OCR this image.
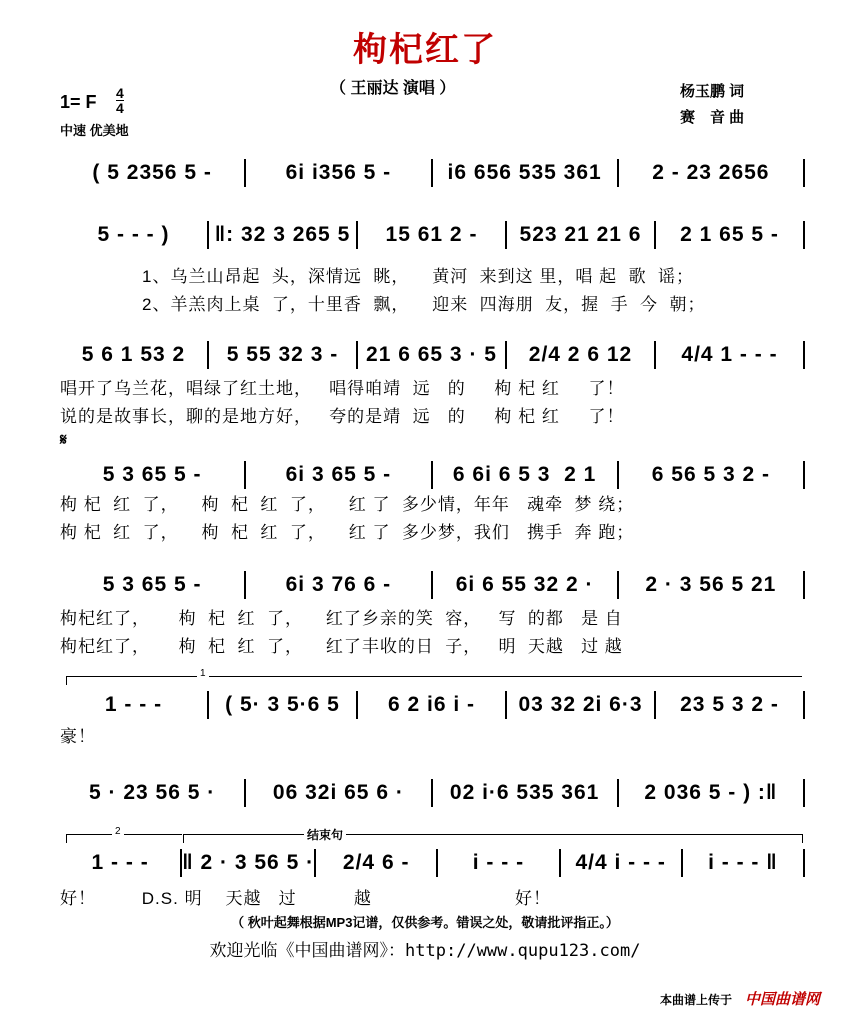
枸杞红了
（ 王丽达 演唱 ）
1= F 4
4
中速 优美地
杨玉鹏 词
赛　音 曲
( 5 2356 5 -	6i i356 5 -	i6 656 535 361	2 - 23 2656
5 - - - )	‖: 32 3 265 5	15 61 2 -	523 21 21 6	2 1 65 5 -
1、乌兰山昂起  头，深情远  眺，    黄河  来到这 里，唱 起  歌  谣；
2、羊羔肉上桌  了，十里香  飘，    迎来  四海朋  友，握  手  今  朝；
5 6 1 53 2	5 55 32 3 -	21 6 65 3 · 5	2/4 2 6 12	4/4 1 - - -
唱开了乌兰花，唱绿了红土地，   唱得咱靖  远   的     枸 杞 红     了！
说的是故事长，聊的是地方好，   夸的是靖  远   的     枸 杞 红     了！
𝄋
5 3 65 5 -	6i 3 65 5 -	6 6i 6 5 3  2 1	6 56 5 3 2 -
枸 杞  红  了，    枸  杞  红  了，    红 了  多少情，年年   魂牵  梦 绕；
枸 杞  红  了，    枸  杞  红  了，    红 了  多少梦，我们   携手  奔 跑；
5 3 65 5 -	6i 3 76 6 -	6i 6 55 32 2 ·	2 · 3 56 5 21
枸杞红了，     枸  杞  红  了，    红了乡亲的笑  容，   写  的都   是 自
枸杞红了，     枸  杞  红  了，    红了丰收的日  子，   明  天越   过 越
1
1 - - -	( 5· 3 5·6 5	6 2 i6 i -	03 32 2i 6·3	23 5 3 2 -
豪！
5 · 23 56 5 ·	06 32i 65 6 ·	02 i·6 535 361	2 036 5 - ) :‖
2	结束句
1 - - -	‖ 2 · 3 56 5 ·	2/4 6 -	i - - -	4/4 i - - -	i - - - ‖
好！        D.S. 明    天越   过          越                         好！
（ 秋叶起舞根据MP3记谱，仅供参考。错误之处，敬请批评指正。）
欢迎光临《中国曲谱网》：http://www.qupu123.com/
本曲谱上传于 中国曲谱网
